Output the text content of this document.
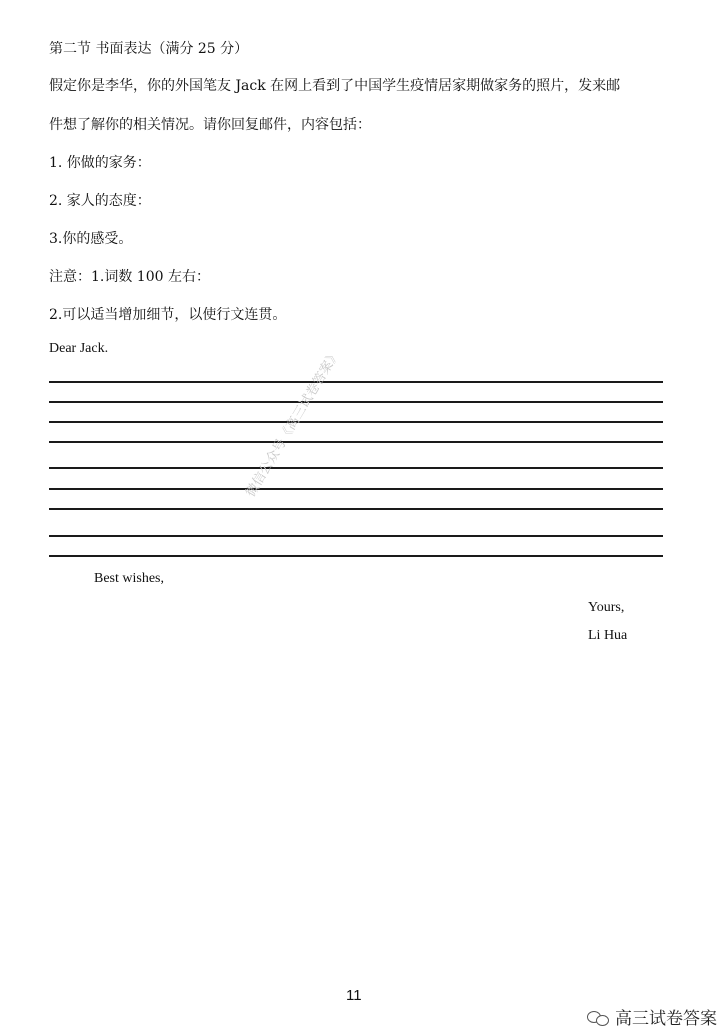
第二节 书面表达（满分 25 分）
假定你是李华，你的外国笔友 Jack 在网上看到了中国学生疫情居家期做家务的照片，发来邮
件想了解你的相关情况。请你回复邮件，内容包括：
1. 你做的家务：
2. 家人的态度：
3.你的感受。
注意：1.词数 100 左右：
2.可以适当增加细节，以使行文连贯。
Dear Jack.	微信公众号《高三试卷答案》
Best wishes,
Yours,
Li Hua
11
高三试卷答案
